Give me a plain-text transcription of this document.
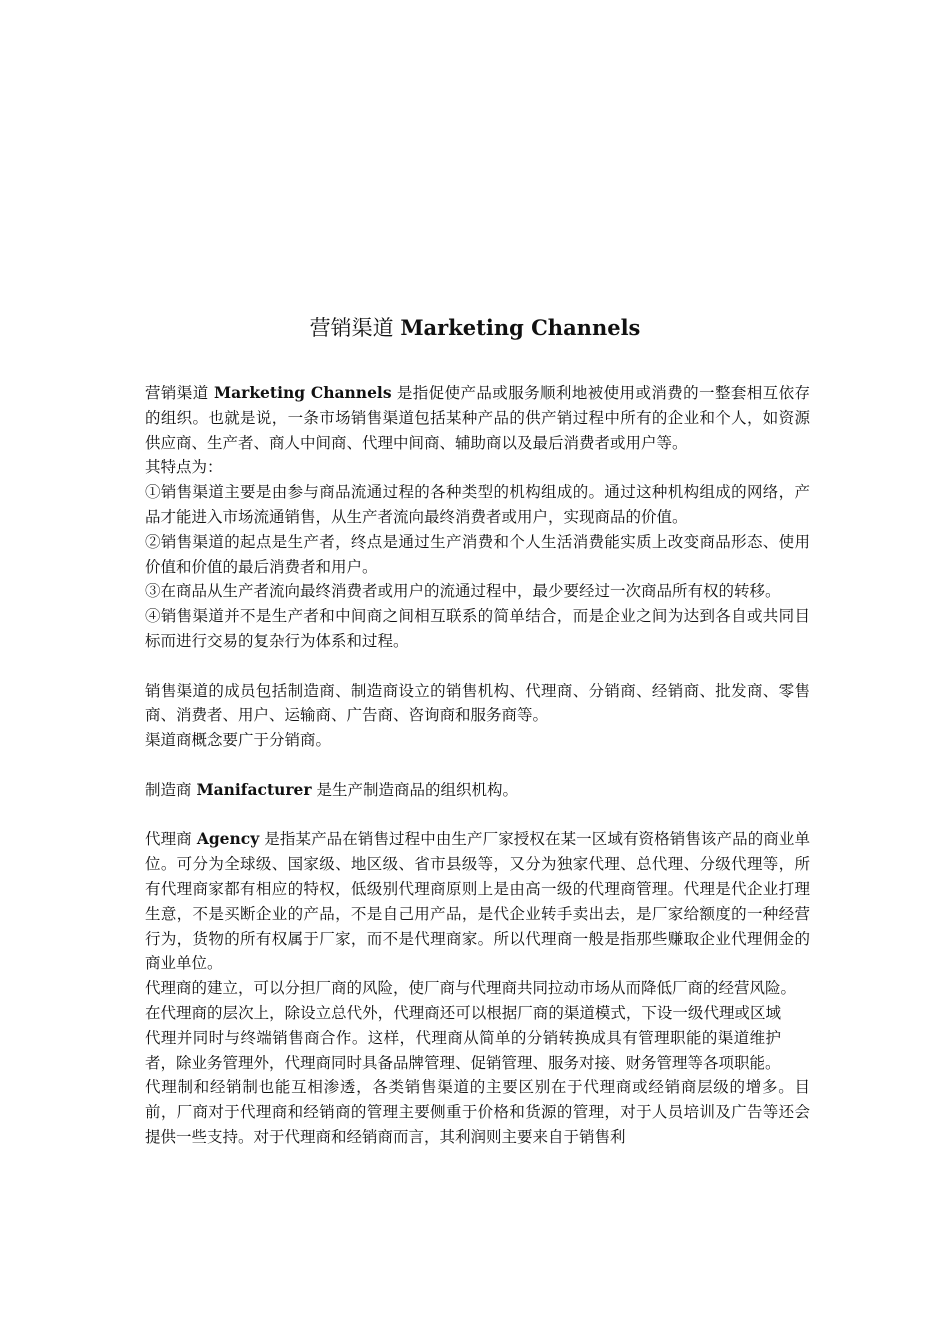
营销渠道 Marketing Channels

营销渠道 Marketing Channels 是指促使产品或服务顺利地被使用或消费的一整套相互依存的组织。也就是说，一条市场销售渠道包括某种产品的供产销过程中所有的企业和个人，如资源供应商、生产者、商人中间商、代理中间商、辅助商以及最后消费者或用户等。

其特点为：

①销售渠道主要是由参与商品流通过程的各种类型的机构组成的。通过这种机构组成的网络，产品才能进入市场流通销售，从生产者流向最终消费者或用户，实现商品的价值。

②销售渠道的起点是生产者，终点是通过生产消费和个人生活消费能实质上改变商品形态、使用价值和价值的最后消费者和用户。

③在商品从生产者流向最终消费者或用户的流通过程中，最少要经过一次商品所有权的转移。

④销售渠道并不是生产者和中间商之间相互联系的简单结合，而是企业之间为达到各自或共同目标而进行交易的复杂行为体系和过程。

销售渠道的成员包括制造商、制造商设立的销售机构、代理商、分销商、经销商、批发商、零售商、消费者、用户、运输商、广告商、咨询商和服务商等。

渠道商概念要广于分销商。

制造商 Manifacturer 是生产制造商品的组织机构。

代理商 Agency 是指某产品在销售过程中由生产厂家授权在某一区域有资格销售该产品的商业单位。可分为全球级、国家级、地区级、省市县级等，又分为独家代理、总代理、分级代理等，所有代理商家都有相应的特权，低级别代理商原则上是由高一级的代理商管理。代理是代企业打理生意，不是买断企业的产品，不是自己用产品，是代企业转手卖出去，是厂家给额度的一种经营行为，货物的所有权属于厂家，而不是代理商家。所以代理商一般是指那些赚取企业代理佣金的商业单位。

代理商的建立，可以分担厂商的风险，使厂商与代理商共同拉动市场从而降低厂商的经营风险。

在代理商的层次上，除设立总代外，代理商还可以根据厂商的渠道模式，下设一级代理或区域代理并同时与终端销售商合作。这样，代理商从简单的分销转换成具有管理职能的渠道维护者，除业务管理外，代理商同时具备品牌管理、促销管理、服务对接、财务管理等各项职能。

代理制和经销制也能互相渗透，各类销售渠道的主要区别在于代理商或经销商层级的增多。目前，厂商对于代理商和经销商的管理主要侧重于价格和货源的管理，对于人员培训及广告等还会提供一些支持。对于代理商和经销商而言，其利润则主要来自于销售利
